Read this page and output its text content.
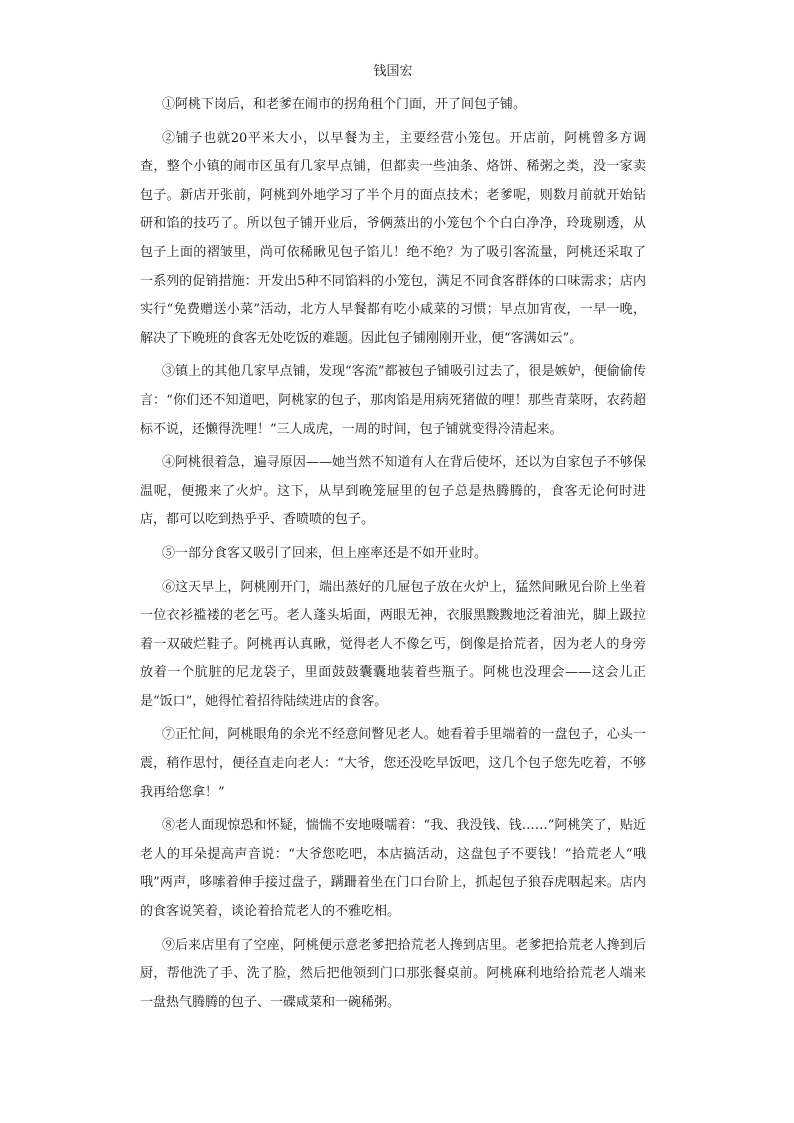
钱国宏
①阿桃下岗后，和老爹在闹市的拐角租个门面，开了间包子铺。
②铺子也就20平米大小，以早餐为主，主要经营小笼包。开店前，阿桃曾多方调查，整个小镇的闹市区虽有几家早点铺，但都卖一些油条、烙饼、稀粥之类，没一家卖包子。新店开张前，阿桃到外地学习了半个月的面点技术；老爹呢，则数月前就开始钻研和馅的技巧了。所以包子铺开业后，爷俩蒸出的小笼包个个白白净净，玲珑剔透，从包子上面的褶皱里，尚可依稀瞅见包子馅儿！绝不绝？为了吸引客流量，阿桃还采取了一系列的促销措施：开发出5种不同馅料的小笼包，满足不同食客群体的口味需求；店内实行“免费赠送小菜”活动，北方人早餐都有吃小咸菜的习惯；早点加宵夜，一早一晚，解决了下晚班的食客无处吃饭的难题。因此包子铺刚刚开业，便“客满如云”。
③镇上的其他几家早点铺，发现“客流”都被包子铺吸引过去了，很是嫉妒，便偷偷传言：“你们还不知道吧，阿桃家的包子，那肉馅是用病死猪做的哩！那些青菜呀，农药超标不说，还懒得洗哩！”三人成虎，一周的时间，包子铺就变得冷清起来。
④阿桃很着急，遍寻原因——她当然不知道有人在背后使坏，还以为自家包子不够保温呢，便搬来了火炉。这下，从早到晚笼屉里的包子总是热腾腾的，食客无论何时进店，都可以吃到热乎乎、香喷喷的包子。
⑤一部分食客又吸引了回来，但上座率还是不如开业时。
⑥这天早上，阿桃刚开门，端出蒸好的几屉包子放在火炉上，猛然间瞅见台阶上坐着一位衣衫褴褛的老乞丐。老人蓬头垢面，两眼无神，衣服黑黢黢地泛着油光，脚上趿拉着一双破烂鞋子。阿桃再认真瞅，觉得老人不像乞丐，倒像是拾荒者，因为老人的身旁放着一个肮脏的尼龙袋子，里面鼓鼓囊囊地装着些瓶子。阿桃也没理会——这会儿正是“饭口”，她得忙着招待陆续进店的食客。
⑦正忙间，阿桃眼角的余光不经意间瞥见老人。她看着手里端着的一盘包子，心头一震，稍作思忖，便径直走向老人：“大爷，您还没吃早饭吧，这几个包子您先吃着，不够我再给您拿！”
⑧老人面现惊恐和怀疑，惴惴不安地嗫嚅着：“我、我没钱、钱……”阿桃笑了，贴近老人的耳朵提高声音说：“大爷您吃吧，本店搞活动，这盘包子不要钱！”拾荒老人“哦哦”两声，哆嗦着伸手接过盘子，蹒跚着坐在门口台阶上，抓起包子狼吞虎咽起来。店内的食客说笑着，谈论着拾荒老人的不雅吃相。
⑨后来店里有了空座，阿桃便示意老爹把拾荒老人搀到店里。老爹把拾荒老人搀到后厨，帮他洗了手、洗了脸，然后把他领到门口那张餐桌前。阿桃麻利地给拾荒老人端来一盘热气腾腾的包子、一碟咸菜和一碗稀粥。
